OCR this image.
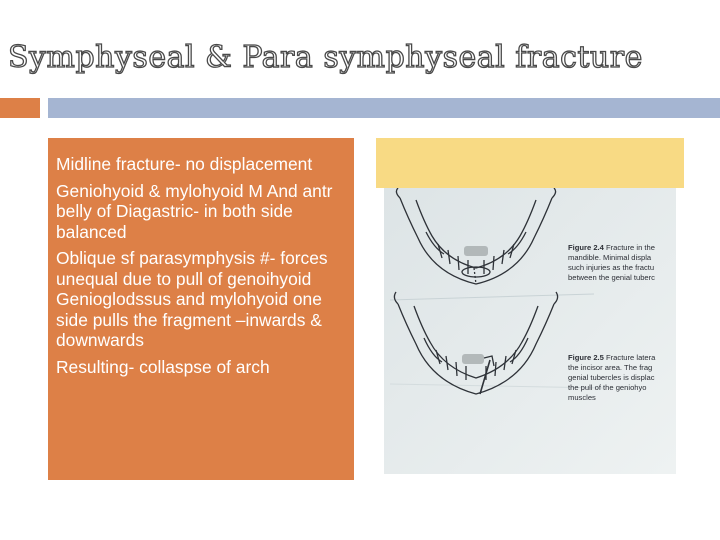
Symphyseal & Para symphyseal fracture
Midline fracture- no displacement
Geniohyoid & mylohyoid M And antr belly of Diagastric- in both side balanced
Oblique sf parasymphysis #- forces unequal due to pull of genoihyoid Genioglodssus and mylohyoid one side pulls the fragment –inwards & downwards
Resulting- collaspse of arch
Figure 2.4 Fracture in the
mandible. Minimal displa
such injuries as the fractu
between the genial tuberc
Figure 2.5 Fracture latera
the incisor area. The frag
genial tubercles is displac
the pull of the geniohyo
muscles
